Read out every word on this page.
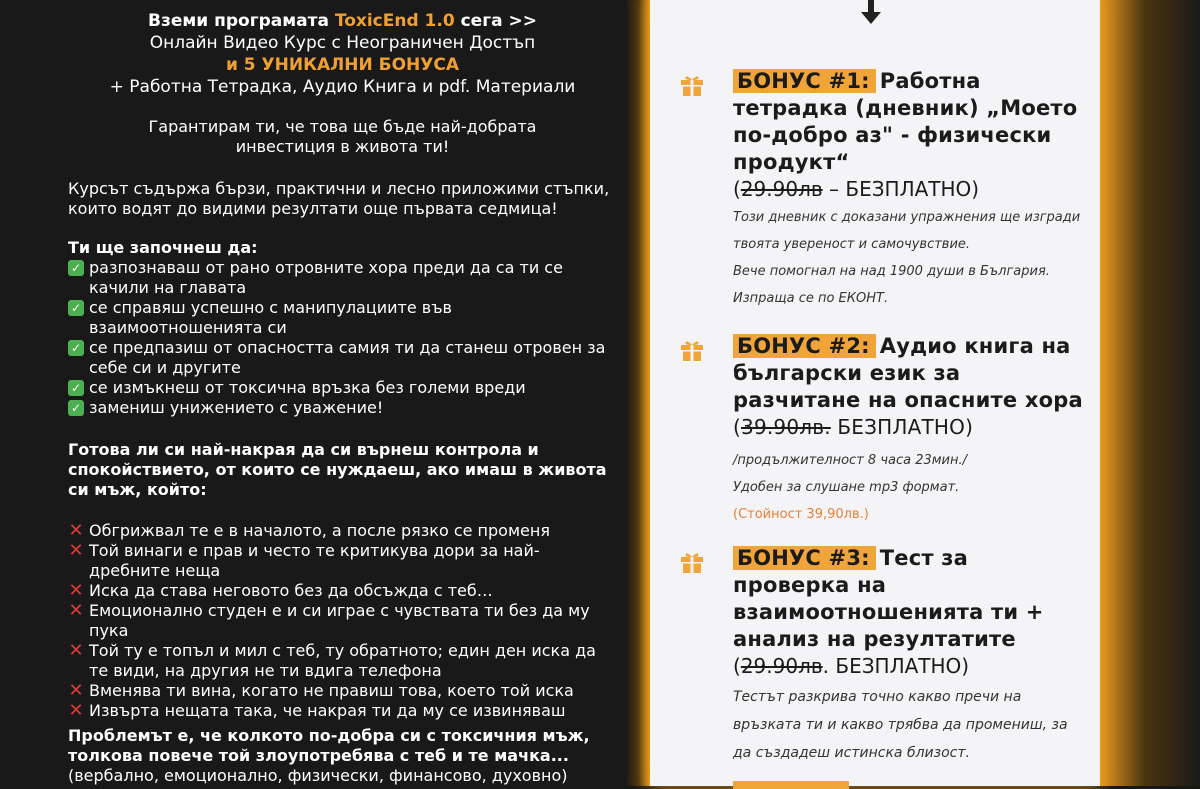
Вземи програмата ToxicEnd 1.0 сега >>

Онлайн Видео Курс с Неограничен Достъп

и 5 УНИКАЛНИ БОНУСА

+ Работна Тетрадка, Аудио Книга и pdf. Материали

Гарантирам ти, че това ще бъде най-добрата инвестиция в живота ти!

Курсът съдържа бързи, практични и лесно приложими стъпки, които водят до видими резултати още първата седмица!

Ти ще започнеш да:
✓ разпознаваш от рано отровните хора преди да са ти се качили на главата
✓ се справяш успешно с манипулациите във взаимоотношенията си
✓ се предпазиш от опасността самия ти да станеш отровен за себе си и другите
✓ се измъкнеш от токсична връзка без големи вреди
✓ замениш унижението с уважение!
Готова ли си най-накрая да си върнеш контрола и спокойствието, от които се нуждаеш, ако имаш в живота си мъж, който:
✕ Обгрижвал те е в началото, а после рязко се променя
✕ Той винаги е прав и често те критикува дори за най-дребните неща
✕ Иска да става неговото без да обсъжда с теб…
✕ Емоционално студен е и си играе с чувствата ти без да му пука
✕ Той ту е топъл и мил с теб, ту обратното; един ден иска да те види, на другия не ти вдига телефона
✕ Вменява ти вина, когато не правиш това, което той иска
✕ Извърта нещата така, че накрая ти да му се извиняваш
Проблемът е, че колкото по-добра си с токсичния мъж, толкова повече той злоупотребява с теб и те мачка... (вербално, емоционално, физически, финансово, духовно)
БОНУС #1: Работна тетрадка (дневник) „Моето по-добро аз" - физически продукт“
(29.90лв – БЕЗПЛАТНО)

Този дневник с доказани упражнения ще изгради твоята увереност и самочувствие.

Вече помогнал на над 1900 души в България.

Изпраща се по ЕКОНТ.

БОНУС #2: Аудио книга на български език за разчитане на опасните хора (39.90лв. БЕЗПЛАТНО)

/продължителност 8 часа 23мин./

Удобен за слушане mp3 формат.

(Стойност 39,90лв.)

БОНУС #3: Тест за проверка на взаимоотношенията ти + анализ на резултатите
(29.90лв. БЕЗПЛАТНО)

Тестът разкрива точно какво пречи на връзката ти и какво трябва да промениш, за да създадеш истинска близост.
